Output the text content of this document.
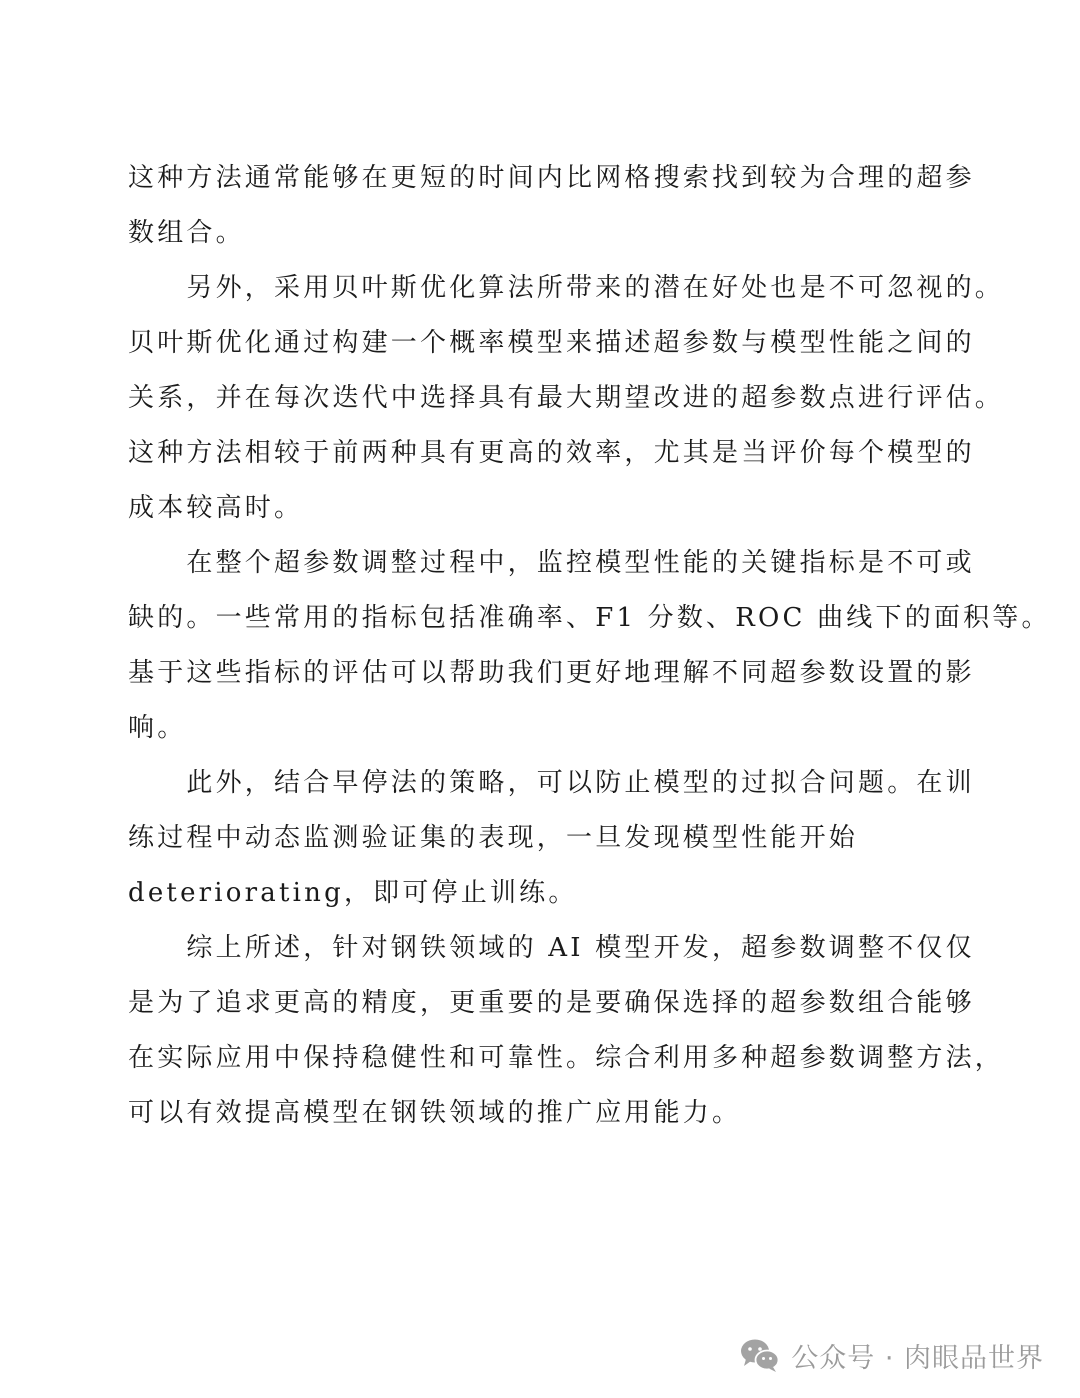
这种方法通常能够在更短的时间内比网格搜索找到较为合理的超参
数组合。
　　另外，采用贝叶斯优化算法所带来的潜在好处也是不可忽视的。
贝叶斯优化通过构建一个概率模型来描述超参数与模型性能之间的
关系，并在每次迭代中选择具有最大期望改进的超参数点进行评估。
这种方法相较于前两种具有更高的效率，尤其是当评价每个模型的
成本较高时。
　　在整个超参数调整过程中，监控模型性能的关键指标是不可或
缺的。一些常用的指标包括准确率、F1 分数、ROC 曲线下的面积等。
基于这些指标的评估可以帮助我们更好地理解不同超参数设置的影
响。
　　此外，结合早停法的策略，可以防止模型的过拟合问题。在训
练过程中动态监测验证集的表现，一旦发现模型性能开始
deteriorating，即可停止训练。
　　综上所述，针对钢铁领域的 AI 模型开发，超参数调整不仅仅
是为了追求更高的精度，更重要的是要确保选择的超参数组合能够
在实际应用中保持稳健性和可靠性。综合利用多种超参数调整方法，
可以有效提高模型在钢铁领域的推广应用能力。
公众号 · 肉眼品世界
